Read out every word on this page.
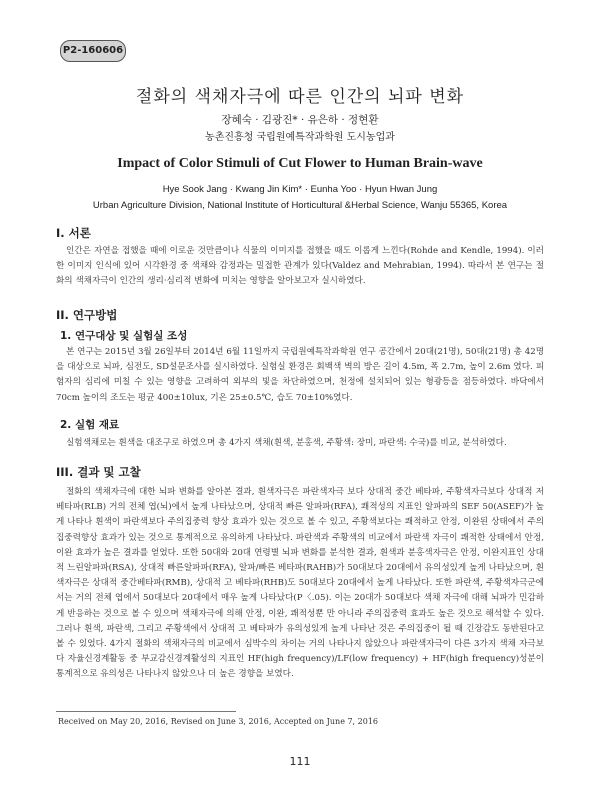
P2-160606
절화의 색채자극에 따른 인간의 뇌파 변화
장혜숙 · 김광진* · 유은하 · 정현환
농촌진흥청 국립원예특작과학원 도시농업과
Impact of Color Stimuli of Cut Flower to Human Brain-wave
Hye Sook Jang · Kwang Jin Kim* · Eunha Yoo · Hyun Hwan Jung
Urban Agriculture Division, National Institute of Horticultural &Herbal Science, Wanju 55365, Korea
I. 서론
인간은 자연을 접했을 때에 이로운 것만큼이나 식물의 이미지를 접했을 때도 이롭게 느낀다(Rohde and Kendle, 1994). 이러한 이미지 인식에 있어 시각환경 중 색채와 감정과는 밀접한 관계가 있다(Valdez and Mehrabian, 1994). 따라서 본 연구는 절화의 색채자극이 인간의 생리·심리적 변화에 미치는 영향을 알아보고자 실시하였다.
II. 연구방법
1. 연구대상 및 실험실 조성
본 연구는 2015년 3월 26일부터 2014년 6월 11일까지 국립원예특작과학원 연구 공간에서 20대(21명), 50대(21명) 총 42명을 대상으로 뇌파, 심전도, SD설문조사를 실시하였다. 실험실 환경은 회백색 벽의 방은 길이 4.5m, 폭 2.7m, 높이 2.6m 였다. 피험자의 심리에 미칠 수 있는 영향을 고려하여 외부의 빛을 차단하였으며, 천정에 설치되어 있는 형광등을 점등하였다. 바닥에서 70cm 높이의 조도는 평균 400±10lux, 기온 25±0.5℃, 습도 70±10%였다.
2. 실험 재료
실험색채로는 흰색을 대조구로 하였으며 총 4가지 색채(흰색, 분홍색, 주황색: 장미, 파란색: 수국)를 비교, 분석하였다.
III. 결과 및 고찰
절화의 색채자극에 대한 뇌파 변화를 알아본 결과, 흰색자극은 파란색자극 보다 상대적 중간 베타파, 주황색자극보다 상대적 저 베타파(RLB) 거의 전체 엽(뇌)에서 높게 나타났으며, 상대적 빠른 알파파(RFA), 쾌적성의 지표인 알파파의 SEF 50(ASEF)가 높게 나타나 흰색이 파란색보다 주의집중력 향상 효과가 있는 것으로 볼 수 있고, 주황색보다는 쾌적하고 안정, 이완된 상태에서 주의집중력향상 효과가 있는 것으로 통계적으로 유의하게 나타났다. 파란색과 주황색의 비교에서 파란색 자극이 쾌적한 상태에서 안정, 이완 효과가 높은 결과를 얻었다. 또한 50대와 20대 연령별 뇌파 변화를 분석한 결과, 흰색과 분홍색자극은 안정, 이완지표인 상대적 느린알파파(RSA), 상대적 빠른알파파(RFA), 알파/빠른 베타파(RAHB)가 50대보다 20대에서 유의성있게 높게 나타났으며, 흰색자극은 상대적 중간베타파(RMB), 상대적 고 베타파(RHB)도 50대보다 20대에서 높게 나타났다. 또한 파란색, 주황색자극군에서는 거의 전체 엽에서 50대보다 20대에서 매우 높게 나타났다(P〈.05). 이는 20대가 50대보다 색채 자극에 대해 뇌파가 민감하게 반응하는 것으로 볼 수 있으며 색채자극에 의해 안정, 이완, 쾌적성뿐 만 아니라 주의집중력 효과도 높은 것으로 해석할 수 있다. 그러나 흰색, 파란색, 그리고 주황색에서 상대적 고 베타파가 유의성있게 높게 나타난 것은 주의집중이 될 때 긴장감도 동반된다고 볼 수 있었다. 4가지 절화의 색채자극의 비교에서 심박수의 차이는 거의 나타나지 않았으나 파란색자극이 다른 3가지 색채 자극보다 자율신경계활동 중 부교감신경계활성의 지표인 HF(high frequency)/LF(low frequency) + HF(high frequency)성분이 통계적으로 유의성은 나타나지 않았으나 더 높은 경향을 보였다.
Received on May 20, 2016, Revised on June 3, 2016, Accepted on June 7, 2016
111
